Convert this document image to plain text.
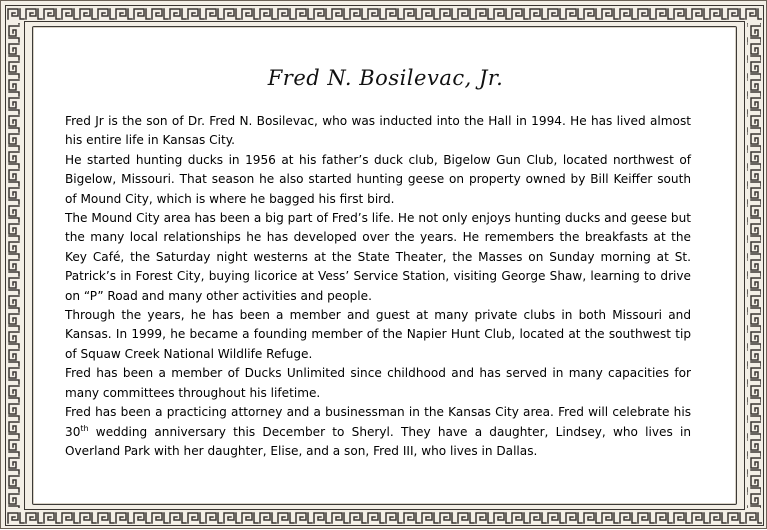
Fred N. Bosilevac, Jr.

Fred Jr is the son of Dr. Fred N. Bosilevac, who was inducted into the Hall in 1994. He has lived almost his entire life in Kansas City.

He started hunting ducks in 1956 at his father’s duck club, Bigelow Gun Club, located northwest of Bigelow, Missouri. That season he also started hunting geese on property owned by Bill Keiffer south of Mound City, which is where he bagged his first bird.

The Mound City area has been a big part of Fred’s life. He not only enjoys hunting ducks and geese but the many local relationships he has developed over the years. He remembers the breakfasts at the Key Café, the Saturday night westerns at the State Theater, the Masses on Sunday morning at St. Patrick’s in Forest City, buying licorice at Vess’ Service Station, visiting George Shaw, learning to drive on “P” Road and many other activities and people.

Through the years, he has been a member and guest at many private clubs in both Missouri and Kansas. In 1999, he became a founding member of the Napier Hunt Club, located at the southwest tip of Squaw Creek National Wildlife Refuge.

Fred has been a member of Ducks Unlimited since childhood and has served in many capacities for many committees throughout his lifetime.

Fred has been a practicing attorney and a businessman in the Kansas City area. Fred will celebrate his 30th wedding anniversary this December to Sheryl. They have a daughter, Lindsey, who lives in Overland Park with her daughter, Elise, and a son, Fred III, who lives in Dallas.
